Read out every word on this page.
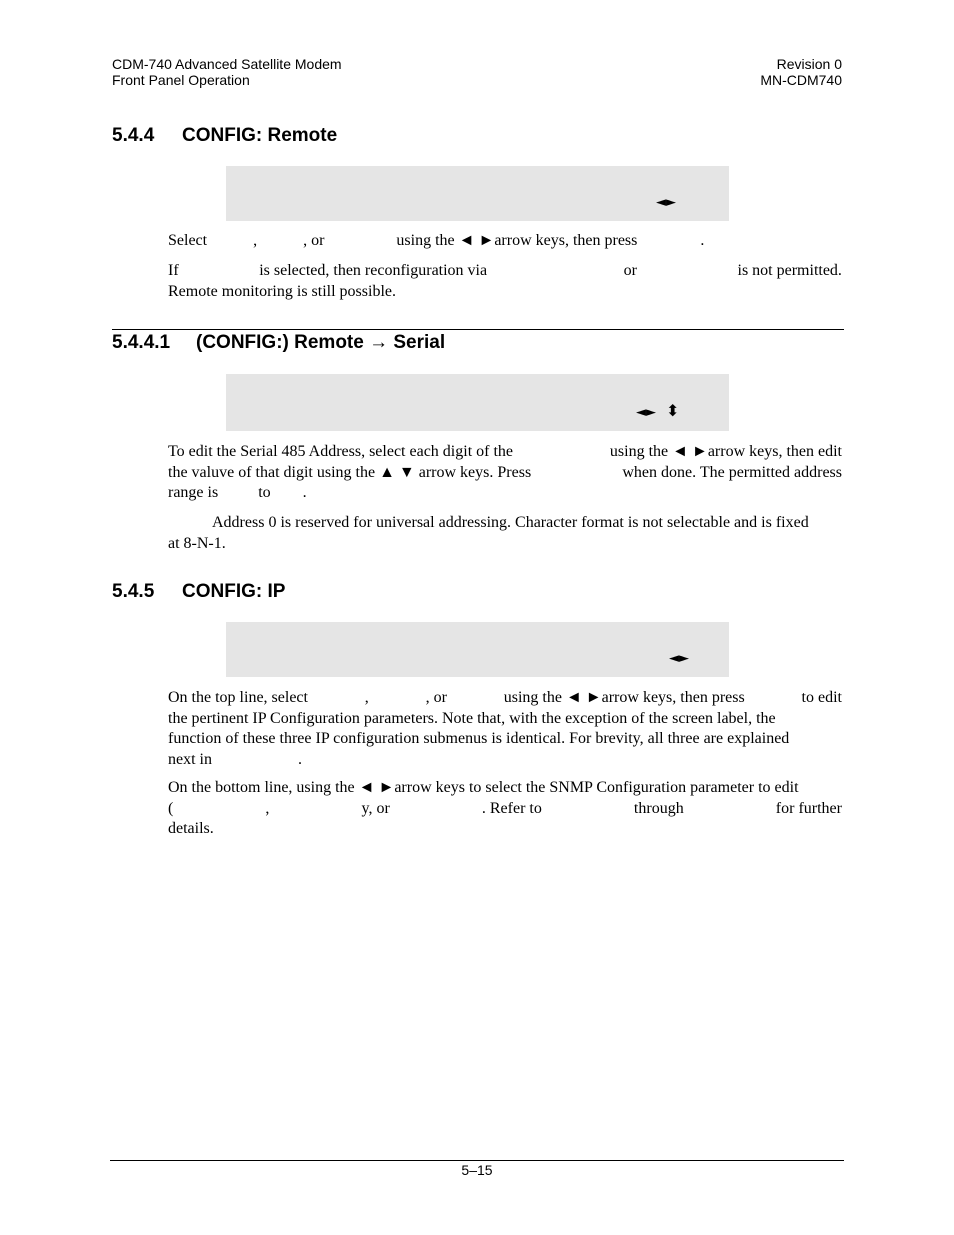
CDM-740 Advanced Satellite Modem
Front Panel Operation
Revision 0
MN-CDM740
5.4.4 CONFIG: Remote
◄►
Select	,	, or	using the ◄ ►arrow keys, then press	.
If	is selected, then reconfiguration via	or	is not permitted.
Remote monitoring is still possible.
5.4.4.1 (CONFIG:) Remote → Serial
◄► ⬍
To edit the Serial 485 Address, select each digit of the	using the ◄ ►arrow keys, then edit
the valuve of that digit using the ▲ ▼ arrow keys. Press	when done. The permitted address
range is	to .
Address 0 is reserved for universal addressing. Character format is not selectable and is fixed
at 8-N-1.
5.4.5 CONFIG: IP
◄►
On the top line, select	,	, or	using the ◄ ►arrow keys, then press	to edit
the pertinent IP Configuration parameters. Note that, with the exception of the screen label, the
function of these three IP configuration submenus is identical. For brevity, all three are explained
next in	.
On the bottom line, using the ◄ ►arrow keys to select the SNMP Configuration parameter to edit
(	,	y, or	. Refer to	through	for further
details.
5–15
